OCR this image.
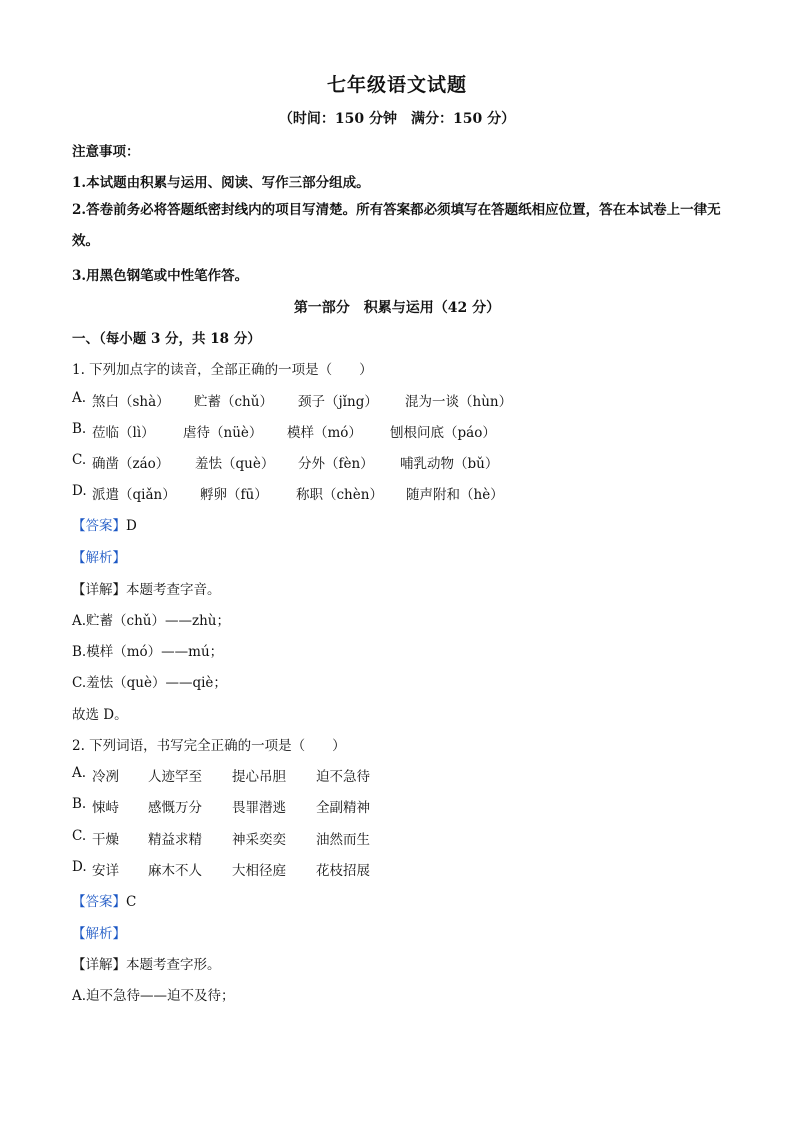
七年级语文试题
（时间：150 分钟　满分：150 分）
注意事项：
1.本试题由积累与运用、阅读、写作三部分组成。
2.答卷前务必将答题纸密封线内的项目写清楚。所有答案都必须填写在答题纸相应位置，答在本试卷上一律无效。
3.用黑色钢笔或中性笔作答。
第一部分　积累与运用（42 分）
一、（每小题 3 分，共 18 分）
1. 下列加点字的读音，全部正确的一项是（　　）
A. 煞白（shà） 贮蓄（chǔ） 颈子（jǐng） 混为一谈（hùn）
B. 莅临（lì） 虐待（nüè） 模样（mó） 刨根问底（páo）
C. 确凿（záo） 羞怯（què） 分外（fèn） 哺乳动物（bǔ）
D. 派遣（qiǎn） 孵卵（fū） 称职（chèn） 随声附和（hè）
【答案】D
【解析】
【详解】本题考查字音。
A.贮蓄（chǔ）——zhù；
B.模样（mó）——mú；
C.羞怯（què）——qiè；
故选 D。
2. 下列词语，书写完全正确的一项是（　　）
A. 冷冽 人迹罕至 提心吊胆 迫不急待
B. 悚峙 感慨万分 畏罪潜逃 全副精神
C. 干燥 精益求精 神采奕奕 油然而生
D. 安详 麻木不人 大相径庭 花枝招展
【答案】C
【解析】
【详解】本题考查字形。
A.迫不急待——迫不及待；
